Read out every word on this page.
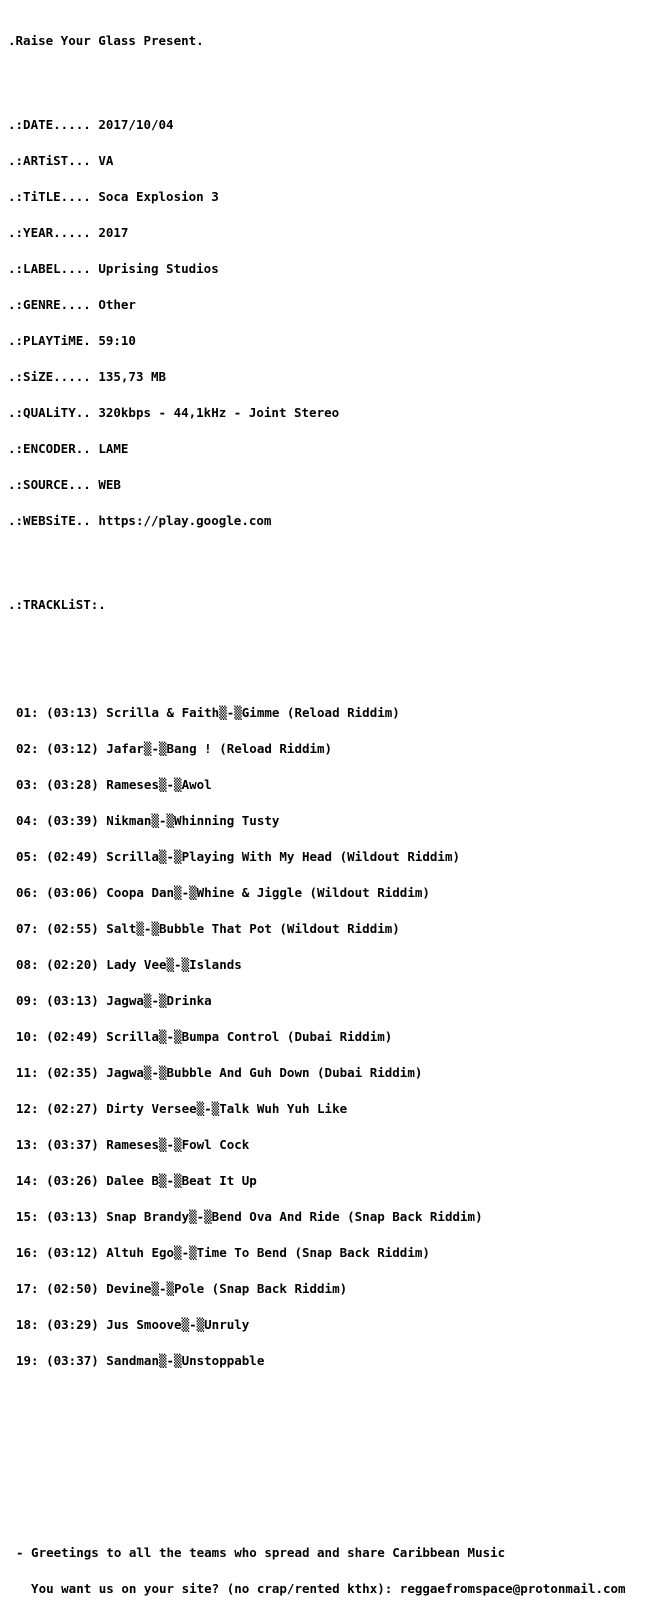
.Raise Your Glass Present.

.:DATE..... 2017/10/04

.:ARTiST... VA

.:TiTLE.... Soca Explosion 3

.:YEAR..... 2017

.:LABEL.... Uprising Studios

.:GENRE.... Other

.:PLAYTiME. 59:10

.:SiZE..... 135,73 MB

.:QUALiTY.. 320kbps - 44,1kHz - Joint Stereo

.:ENCODER.. LAME

.:SOURCE... WEB

.:WEBSiTE.. https://play.google.com

.:TRACKLiST:.

01: (03:13) Scrilla & Faith▒-▒Gimme (Reload Riddim)

02: (03:12) Jafar▒-▒Bang ! (Reload Riddim)

03: (03:28) Rameses▒-▒Awol

04: (03:39) Nikman▒-▒Whinning Tusty

05: (02:49) Scrilla▒-▒Playing With My Head (Wildout Riddim)

06: (03:06) Coopa Dan▒-▒Whine & Jiggle (Wildout Riddim)

07: (02:55) Salt▒-▒Bubble That Pot (Wildout Riddim)

08: (02:20) Lady Vee▒-▒Islands

09: (03:13) Jagwa▒-▒Drinka

10: (02:49) Scrilla▒-▒Bumpa Control (Dubai Riddim)

11: (02:35) Jagwa▒-▒Bubble And Guh Down (Dubai Riddim)

12: (02:27) Dirty Versee▒-▒Talk Wuh Yuh Like

13: (03:37) Rameses▒-▒Fowl Cock

14: (03:26) Dalee B▒-▒Beat It Up

15: (03:13) Snap Brandy▒-▒Bend Ova And Ride (Snap Back Riddim)

16: (03:12) Altuh Ego▒-▒Time To Bend (Snap Back Riddim)

17: (02:50) Devine▒-▒Pole (Snap Back Riddim)

18: (03:29) Jus Smoove▒-▒Unruly

19: (03:37) Sandman▒-▒Unstoppable

- Greetings to all the teams who spread and share Caribbean Music

You want us on your site? (no crap/rented kthx): reggaefromspace@protonmail.com
